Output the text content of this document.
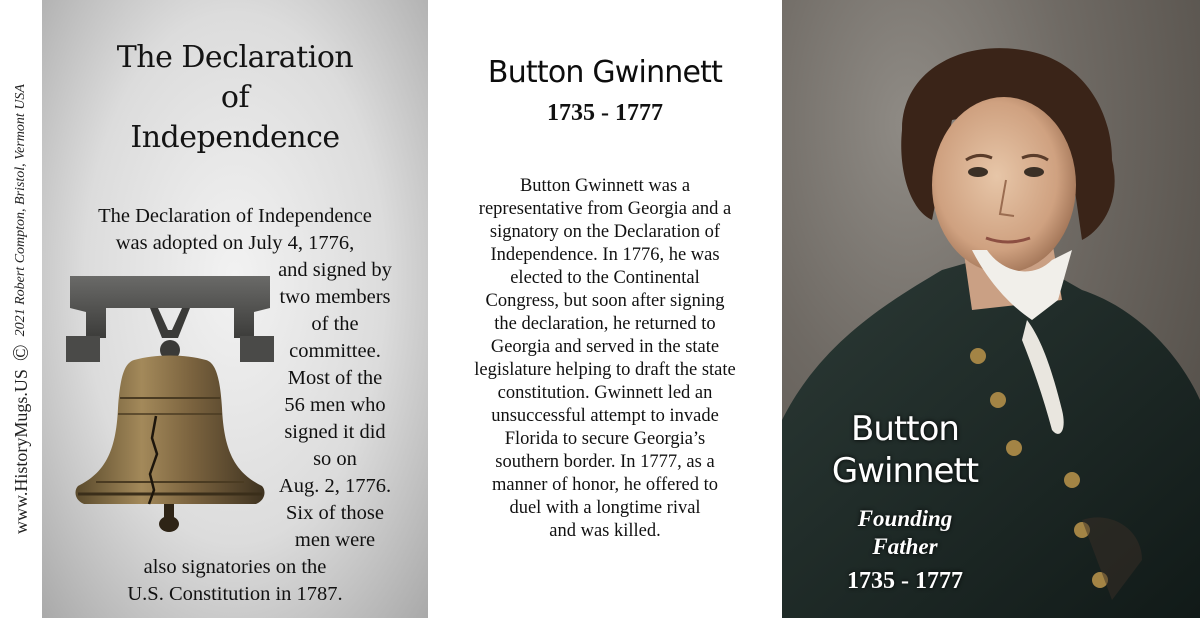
www.HistoryMugs.US
©
2021 Robert Compton, Bristol, Vermont USA
The Declaration
of
Independence
The Declaration of Independence
was adopted on July 4, 1776,
and signed by
two members
of the
committee.
Most of the
56 men who
signed it did
so on
Aug. 2, 1776.
Six of those
men were
also signatories on the
U.S. Constitution in 1787.
Button Gwinnett
1735 - 1777
Button Gwinnett was a
representative from Georgia and a
signatory on the Declaration of
Independence. In 1776, he was
elected to the Continental
Congress, but soon after signing
the declaration, he returned to
Georgia and served in the state
legislature helping to draft the state
constitution. Gwinnett led an
unsuccessful attempt to invade
Florida to secure Georgia’s
southern border. In 1777, as a
manner of honor, he offered to
duel with a longtime rival
and was killed.
Button
Gwinnett
Founding
Father
1735 - 1777
